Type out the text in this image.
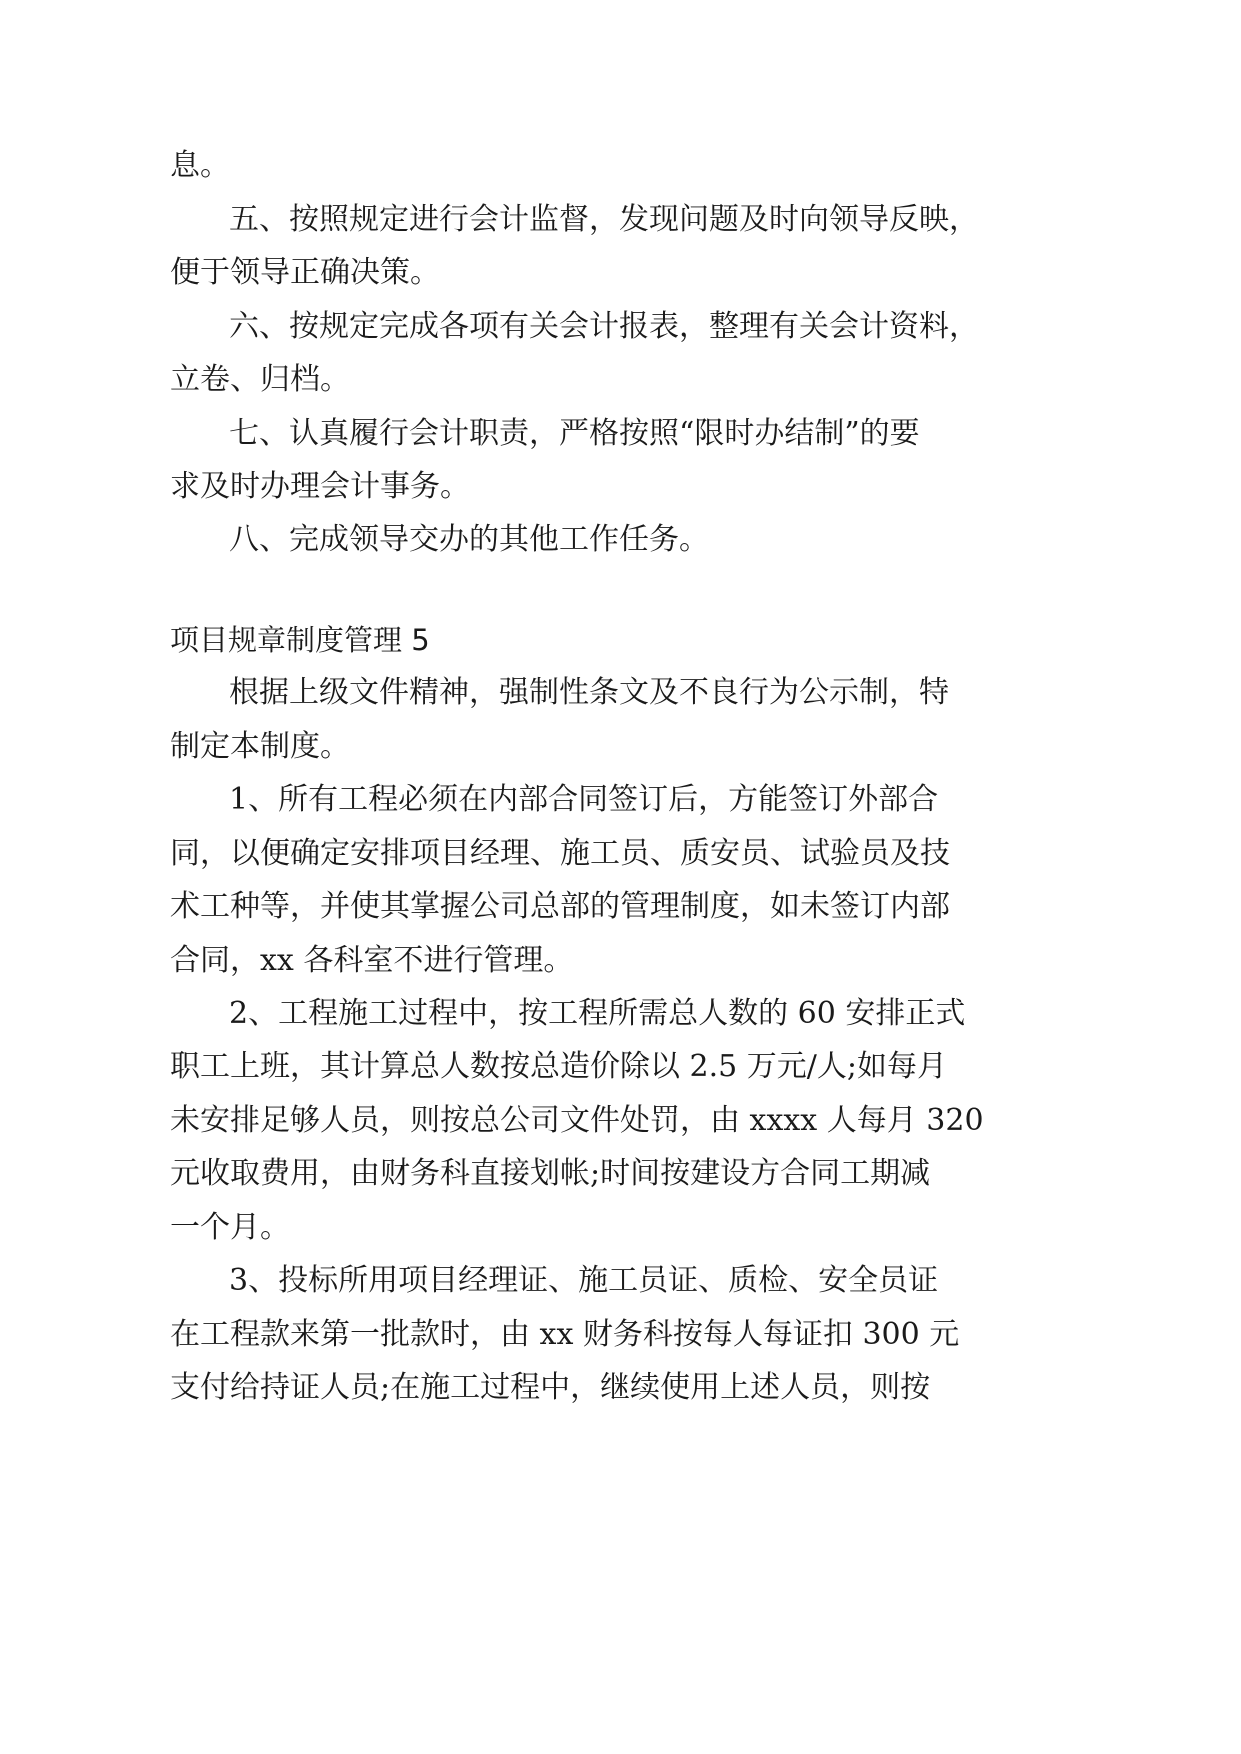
息。
五、按照规定进行会计监督，发现问题及时向领导反映，
便于领导正确决策。
六、按规定完成各项有关会计报表，整理有关会计资料，
立卷、归档。
七、认真履行会计职责，严格按照“限时办结制”的要
求及时办理会计事务。
八、完成领导交办的其他工作任务。
项目规章制度管理 5
根据上级文件精神，强制性条文及不良行为公示制，特
制定本制度。
1、所有工程必须在内部合同签订后，方能签订外部合
同，以便确定安排项目经理、施工员、质安员、试验员及技
术工种等，并使其掌握公司总部的管理制度，如未签订内部
合同，xx 各科室不进行管理。
2、工程施工过程中，按工程所需总人数的 60 安排正式
职工上班，其计算总人数按总造价除以 2.5 万元/人;如每月
未安排足够人员，则按总公司文件处罚，由 xxxx 人每月 320
元收取费用，由财务科直接划帐;时间按建设方合同工期减
一个月。
3、投标所用项目经理证、施工员证、质检、安全员证
在工程款来第一批款时，由 xx 财务科按每人每证扣 300 元
支付给持证人员;在施工过程中，继续使用上述人员，则按
